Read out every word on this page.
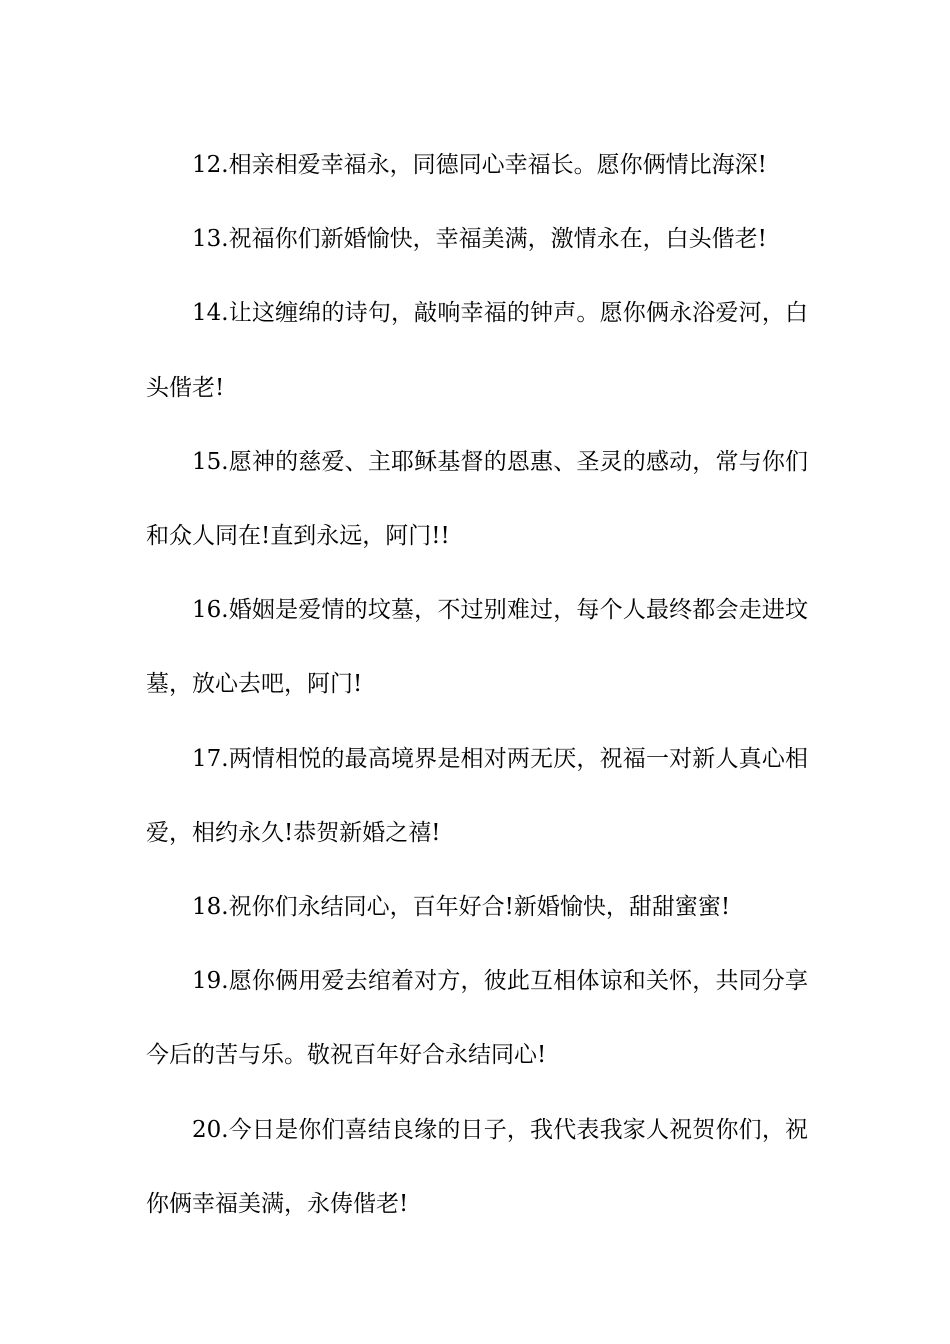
12.相亲相爱幸福永，同德同心幸福长。愿你俩情比海深!

13.祝福你们新婚愉快，幸福美满，激情永在，白头偕老!

14.让这缠绵的诗句，敲响幸福的钟声。愿你俩永浴爱河，白头偕老!

15.愿神的慈爱、主耶稣基督的恩惠、圣灵的感动，常与你们和众人同在!直到永远，阿门!!

16.婚姻是爱情的坟墓，不过别难过，每个人最终都会走进坟墓，放心去吧，阿门!

17.两情相悦的最高境界是相对两无厌，祝福一对新人真心相爱，相约永久!恭贺新婚之禧!

18.祝你们永结同心，百年好合!新婚愉快，甜甜蜜蜜!

19.愿你俩用爱去绾着对方，彼此互相体谅和关怀，共同分享今后的苦与乐。敬祝百年好合永结同心!

20.今日是你们喜结良缘的日子，我代表我家人祝贺你们，祝你俩幸福美满，永俦偕老!
